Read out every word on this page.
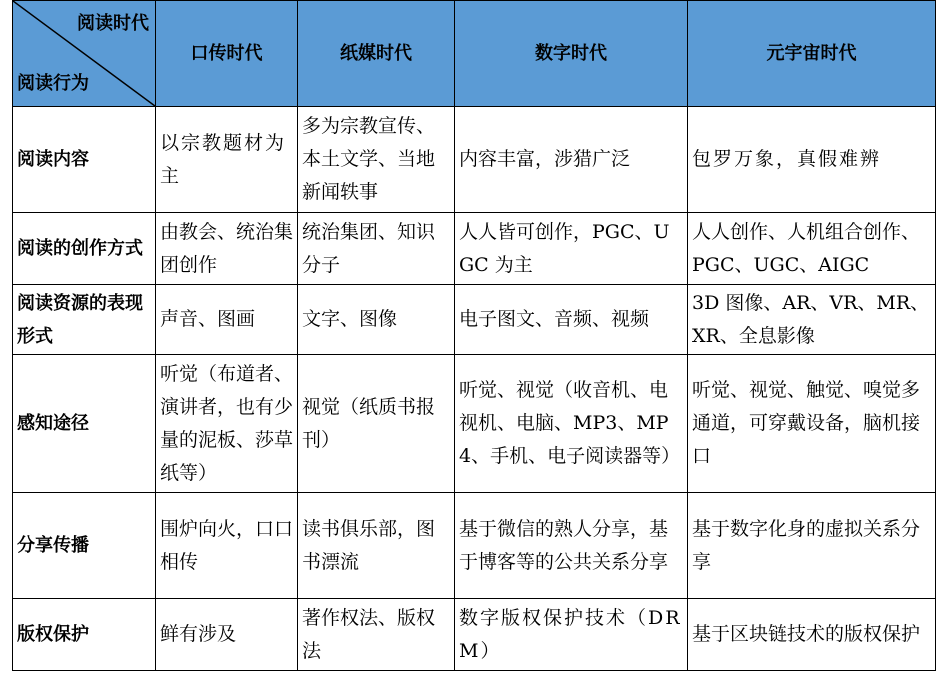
阅读时代
阅读行为	口传时代	纸媒时代	数字时代	元宇宙时代
阅读内容	以宗教题材为主	多为宗教宣传、本土文学、当地新闻轶事	内容丰富，涉猎广泛	包罗万象，真假难辨
阅读的创作方式	由教会、统治集团创作	统治集团、知识分子	人人皆可创作，PGC、UGC 为主	人人创作、人机组合创作、PGC、UGC、AIGC
阅读资源的表现形式	声音、图画	文字、图像	电子图文、音频、视频	3D 图像、AR、VR、MR、XR、全息影像
感知途径	听觉（布道者、演讲者，也有少量的泥板、莎草纸等）	视觉（纸质书报刊）	听觉、视觉（收音机、电视机、电脑、MP3、MP4、手机、电子阅读器等）	听觉、视觉、触觉、嗅觉多通道，可穿戴设备，脑机接口
分享传播	围炉向火，口口相传	读书俱乐部，图书漂流	基于微信的熟人分享，基于博客等的公共关系分享	基于数字化身的虚拟关系分享
版权保护	鲜有涉及	著作权法、版权法	数字版权保护技术（DRM）	基于区块链技术的版权保护
